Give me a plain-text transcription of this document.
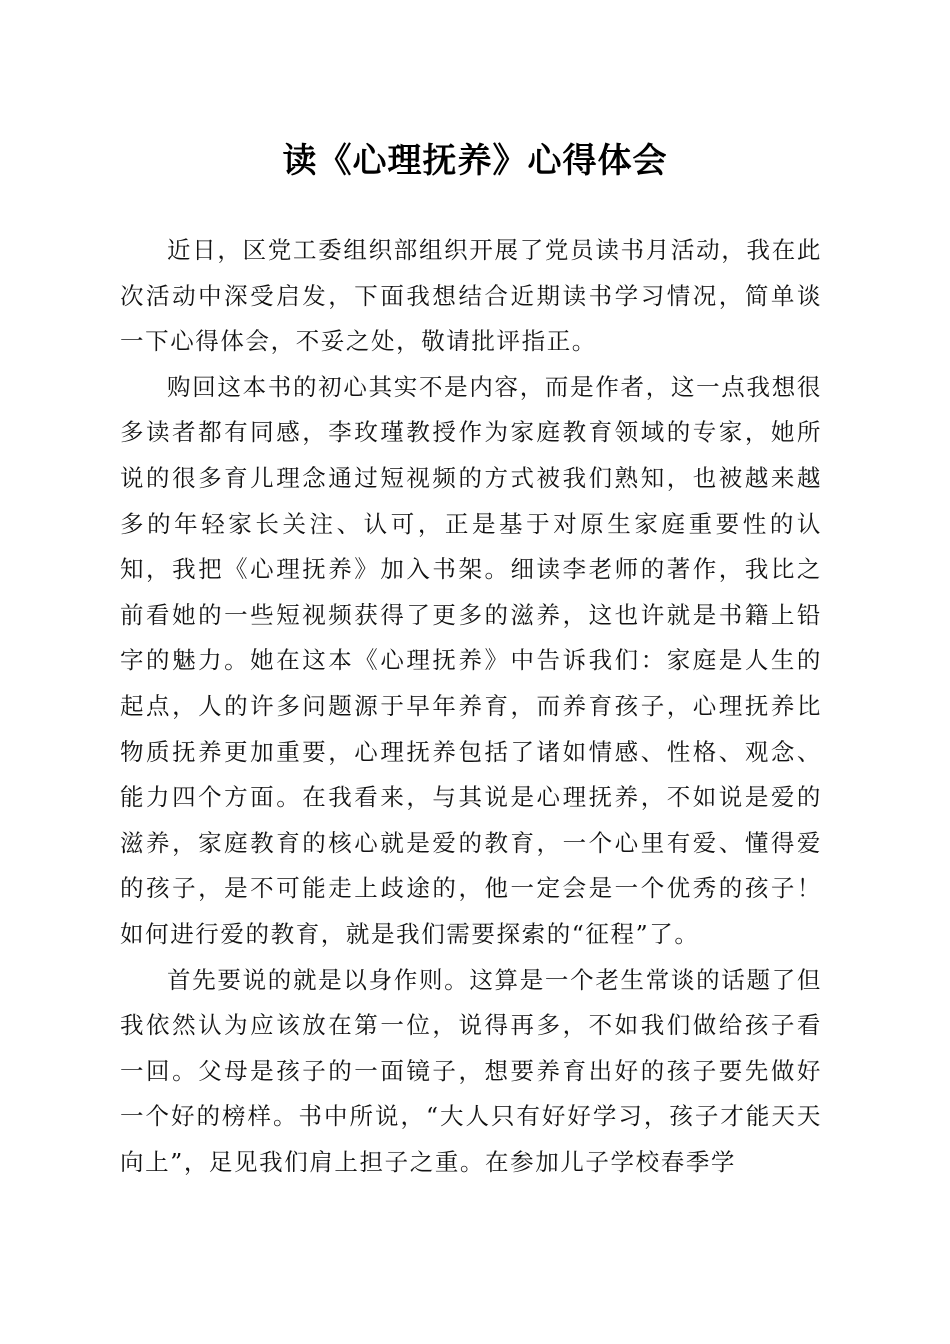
读《心理抚养》心得体会

近日，区党工委组织部组织开展了党员读书月活动，我在此次活动中深受启发，下面我想结合近期读书学习情况，简单谈一下心得体会，不妥之处，敬请批评指正。

购回这本书的初心其实不是内容，而是作者，这一点我想很多读者都有同感，李玫瑾教授作为家庭教育领域的专家，她所说的很多育儿理念通过短视频的方式被我们熟知，也被越来越多的年轻家长关注、认可，正是基于对原生家庭重要性的认知，我把《心理抚养》加入书架。细读李老师的著作，我比之前看她的一些短视频获得了更多的滋养，这也许就是书籍上铅字的魅力。她在这本《心理抚养》中告诉我们：家庭是人生的起点，人的许多问题源于早年养育，而养育孩子，心理抚养比物质抚养更加重要，心理抚养包括了诸如情感、性格、观念、能力四个方面。在我看来，与其说是心理抚养，不如说是爱的滋养，家庭教育的核心就是爱的教育，一个心里有爱、懂得爱的孩子，是不可能走上歧途的，他一定会是一个优秀的孩子！如何进行爱的教育，就是我们需要探索的“征程”了。

首先要说的就是以身作则。这算是一个老生常谈的话题了但我依然认为应该放在第一位，说得再多，不如我们做给孩子看一回。父母是孩子的一面镜子，想要养育出好的孩子要先做好一个好的榜样。书中所说，“大人只有好好学习，孩子才能天天向上”，足见我们肩上担子之重。在参加儿子学校春季学
